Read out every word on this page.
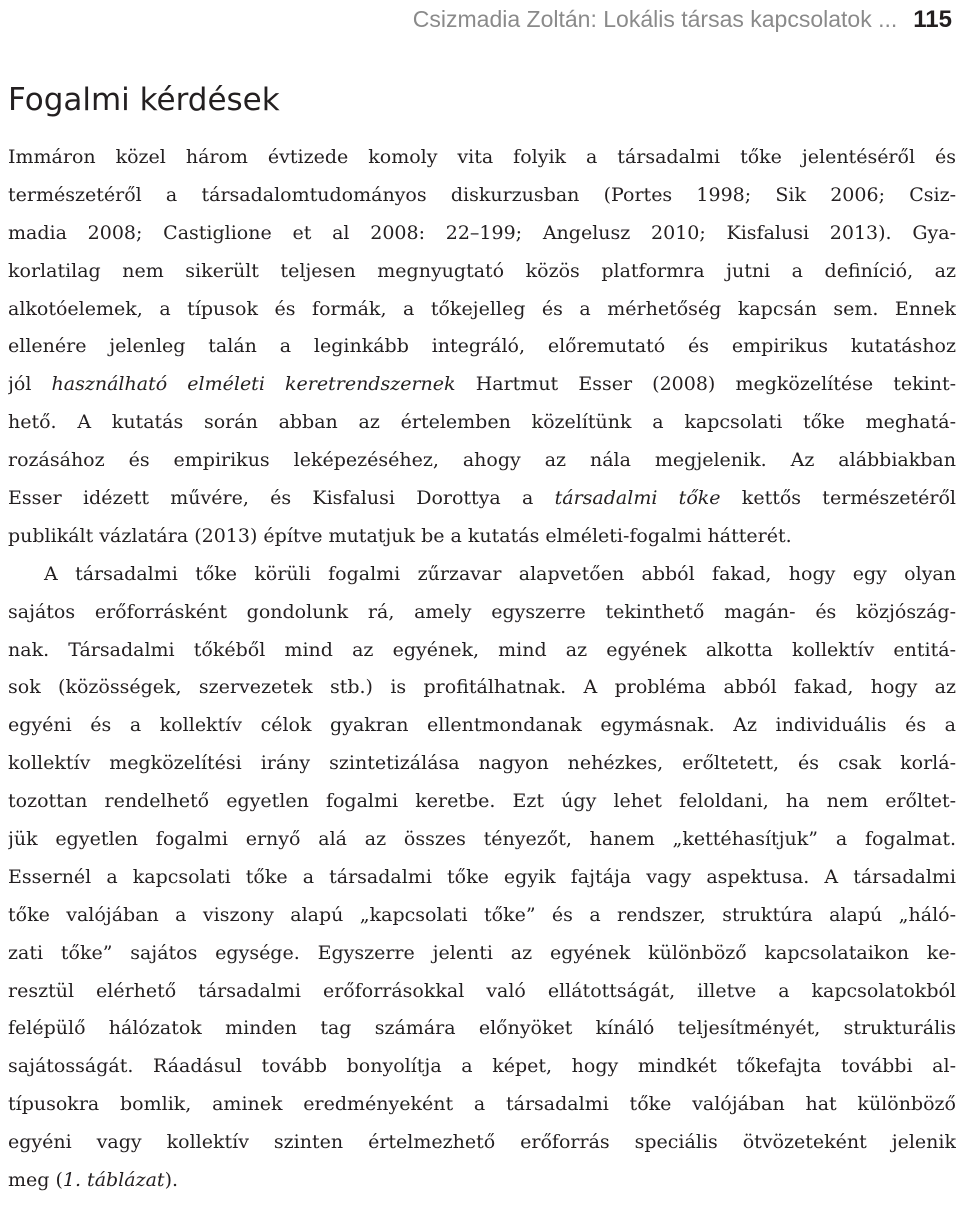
Csizmadia Zoltán: Lokális társas kapcsolatok ... 115
Fogalmi kérdések
Immáron közel három évtizede komoly vita folyik a társadalmi tőke jelentéséről és
természetéről a társadalomtudományos diskurzusban (Portes 1998; Sik 2006; Csiz-
madia 2008; Castiglione et al 2008: 22–199; Angelusz 2010; Kisfalusi 2013). Gya-
korlatilag nem sikerült teljesen megnyugtató közös platformra jutni a definíció, az
alkotóelemek, a típusok és formák, a tőkejelleg és a mérhetőség kapcsán sem. Ennek
ellenére jelenleg talán a leginkább integráló, előremutató és empirikus kutatáshoz
jól használható elméleti keretrendszernek Hartmut Esser (2008) megközelítése tekint-
hető. A kutatás során abban az értelemben közelítünk a kapcsolati tőke meghatá-
rozásához és empirikus leképezéséhez, ahogy az nála megjelenik. Az alábbiakban
Esser idézett művére, és Kisfalusi Dorottya a társadalmi tőke kettős természetéről
publikált vázlatára (2013) építve mutatjuk be a kutatás elméleti-fogalmi hátterét.
A társadalmi tőke körüli fogalmi zűrzavar alapvetően abból fakad, hogy egy olyan
sajátos erőforrásként gondolunk rá, amely egyszerre tekinthető magán- és közjószág-
nak. Társadalmi tőkéből mind az egyének, mind az egyének alkotta kollektív entitá-
sok (közösségek, szervezetek stb.) is profitálhatnak. A probléma abból fakad, hogy az
egyéni és a kollektív célok gyakran ellentmondanak egymásnak. Az individuális és a
kollektív megközelítési irány szintetizálása nagyon nehézkes, erőltetett, és csak korlá-
tozottan rendelhető egyetlen fogalmi keretbe. Ezt úgy lehet feloldani, ha nem erőltet-
jük egyetlen fogalmi ernyő alá az összes tényezőt, hanem „kettéhasítjuk” a fogalmat.
Essernél a kapcsolati tőke a társadalmi tőke egyik fajtája vagy aspektusa. A társadalmi
tőke valójában a viszony alapú „kapcsolati tőke” és a rendszer, struktúra alapú „háló-
zati tőke” sajátos egysége. Egyszerre jelenti az egyének különböző kapcsolataikon ke-
resztül elérhető társadalmi erőforrásokkal való ellátottságát, illetve a kapcsolatokból
felépülő hálózatok minden tag számára előnyöket kínáló teljesítményét, strukturális
sajátosságát. Ráadásul tovább bonyolítja a képet, hogy mindkét tőkefajta további al-
típusokra bomlik, aminek eredményeként a társadalmi tőke valójában hat különböző
egyéni vagy kollektív szinten értelmezhető erőforrás speciális ötvözeteként jelenik
meg (1. táblázat).
